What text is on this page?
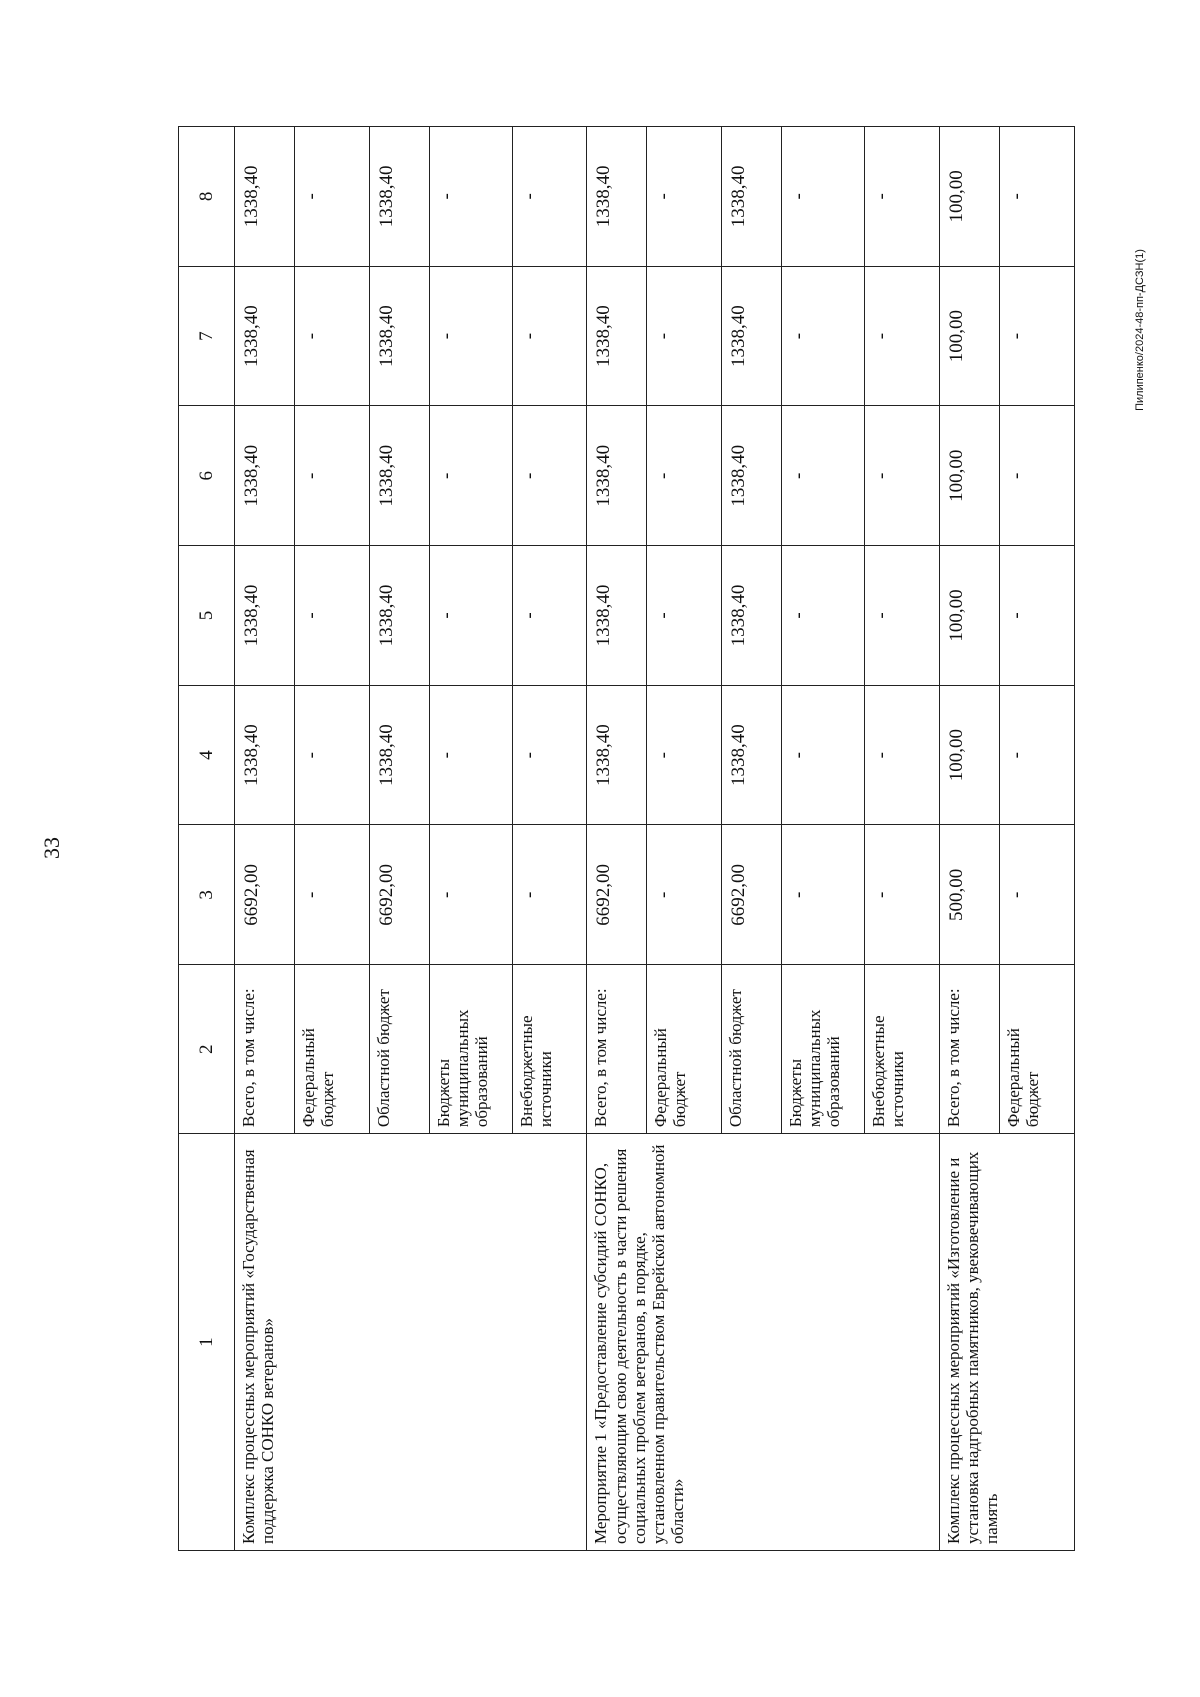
33
Пилипенко/2024-48-пп-ДСЗН(1)
1	2	3	4	5	6	7	8
Комплекс процессных мероприятий «Государственная поддержка СОНКО ветеранов»	Всего, в том числе:	6692,00	1338,40	1338,40	1338,40	1338,40	1338,40
	Федеральный бюджет	-	-	-	-	-	-
	Областной бюджет	6692,00	1338,40	1338,40	1338,40	1338,40	1338,40
	Бюджеты муниципальных образований	-	-	-	-	-	-
	Внебюджетные источники	-	-	-	-	-	-
Мероприятие 1 «Предоставление субсидий СОНКО, осуществляющим свою деятельность в части решения социальных проблем ветеранов, в порядке, установленном правительством Еврейской автономной области»	Всего, в том числе:	6692,00	1338,40	1338,40	1338,40	1338,40	1338,40
	Федеральный бюджет	-	-	-	-	-	-
	Областной бюджет	6692,00	1338,40	1338,40	1338,40	1338,40	1338,40
	Бюджеты муниципальных образований	-	-	-	-	-	-
	Внебюджетные источники	-	-	-	-	-	-
Комплекс процессных мероприятий «Изготовление и установка надгробных памятников, увековечивающих память	Всего, в том числе:	500,00	100,00	100,00	100,00	100,00	100,00
	Федеральный бюджет	-	-	-	-	-	-
